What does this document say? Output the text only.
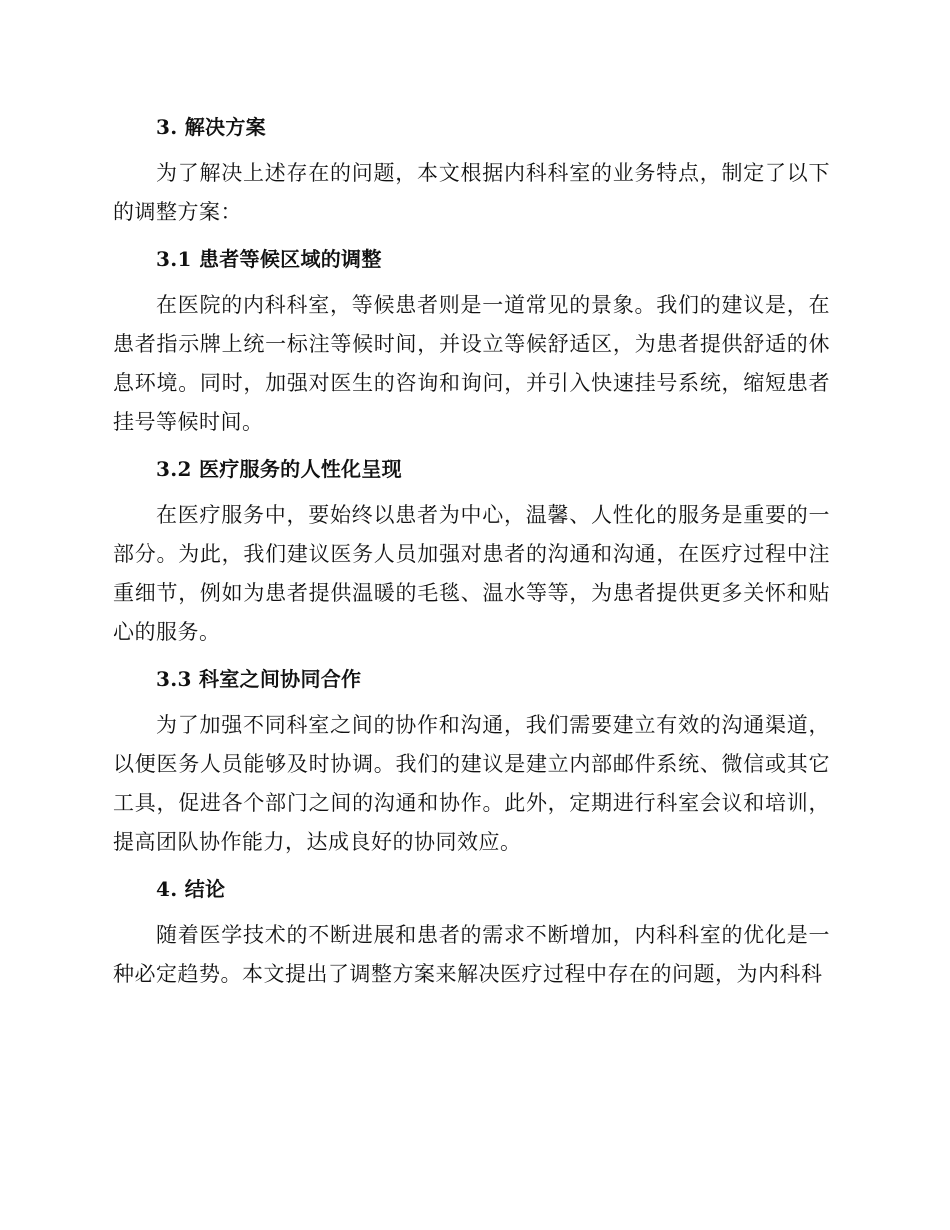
3. 解决方案

为了解决上述存在的问题，本文根据内科科室的业务特点，制定了以下的调整方案：

3.1 患者等候区域的调整

在医院的内科科室，等候患者则是一道常见的景象。我们的建议是，在患者指示牌上统一标注等候时间，并设立等候舒适区，为患者提供舒适的休息环境。同时，加强对医生的咨询和询问，并引入快速挂号系统，缩短患者挂号等候时间。

3.2 医疗服务的人性化呈现

在医疗服务中，要始终以患者为中心，温馨、人性化的服务是重要的一部分。为此，我们建议医务人员加强对患者的沟通和沟通，在医疗过程中注重细节，例如为患者提供温暖的毛毯、温水等等，为患者提供更多关怀和贴心的服务。

3.3 科室之间协同合作

为了加强不同科室之间的协作和沟通，我们需要建立有效的沟通渠道，以便医务人员能够及时协调。我们的建议是建立内部邮件系统、微信或其它工具，促进各个部门之间的沟通和协作。此外，定期进行科室会议和培训，提高团队协作能力，达成良好的协同效应。

4. 结论

随着医学技术的不断进展和患者的需求不断增加，内科科室的优化是一种必定趋势。本文提出了调整方案来解决医疗过程中存在的问题，为内科科
